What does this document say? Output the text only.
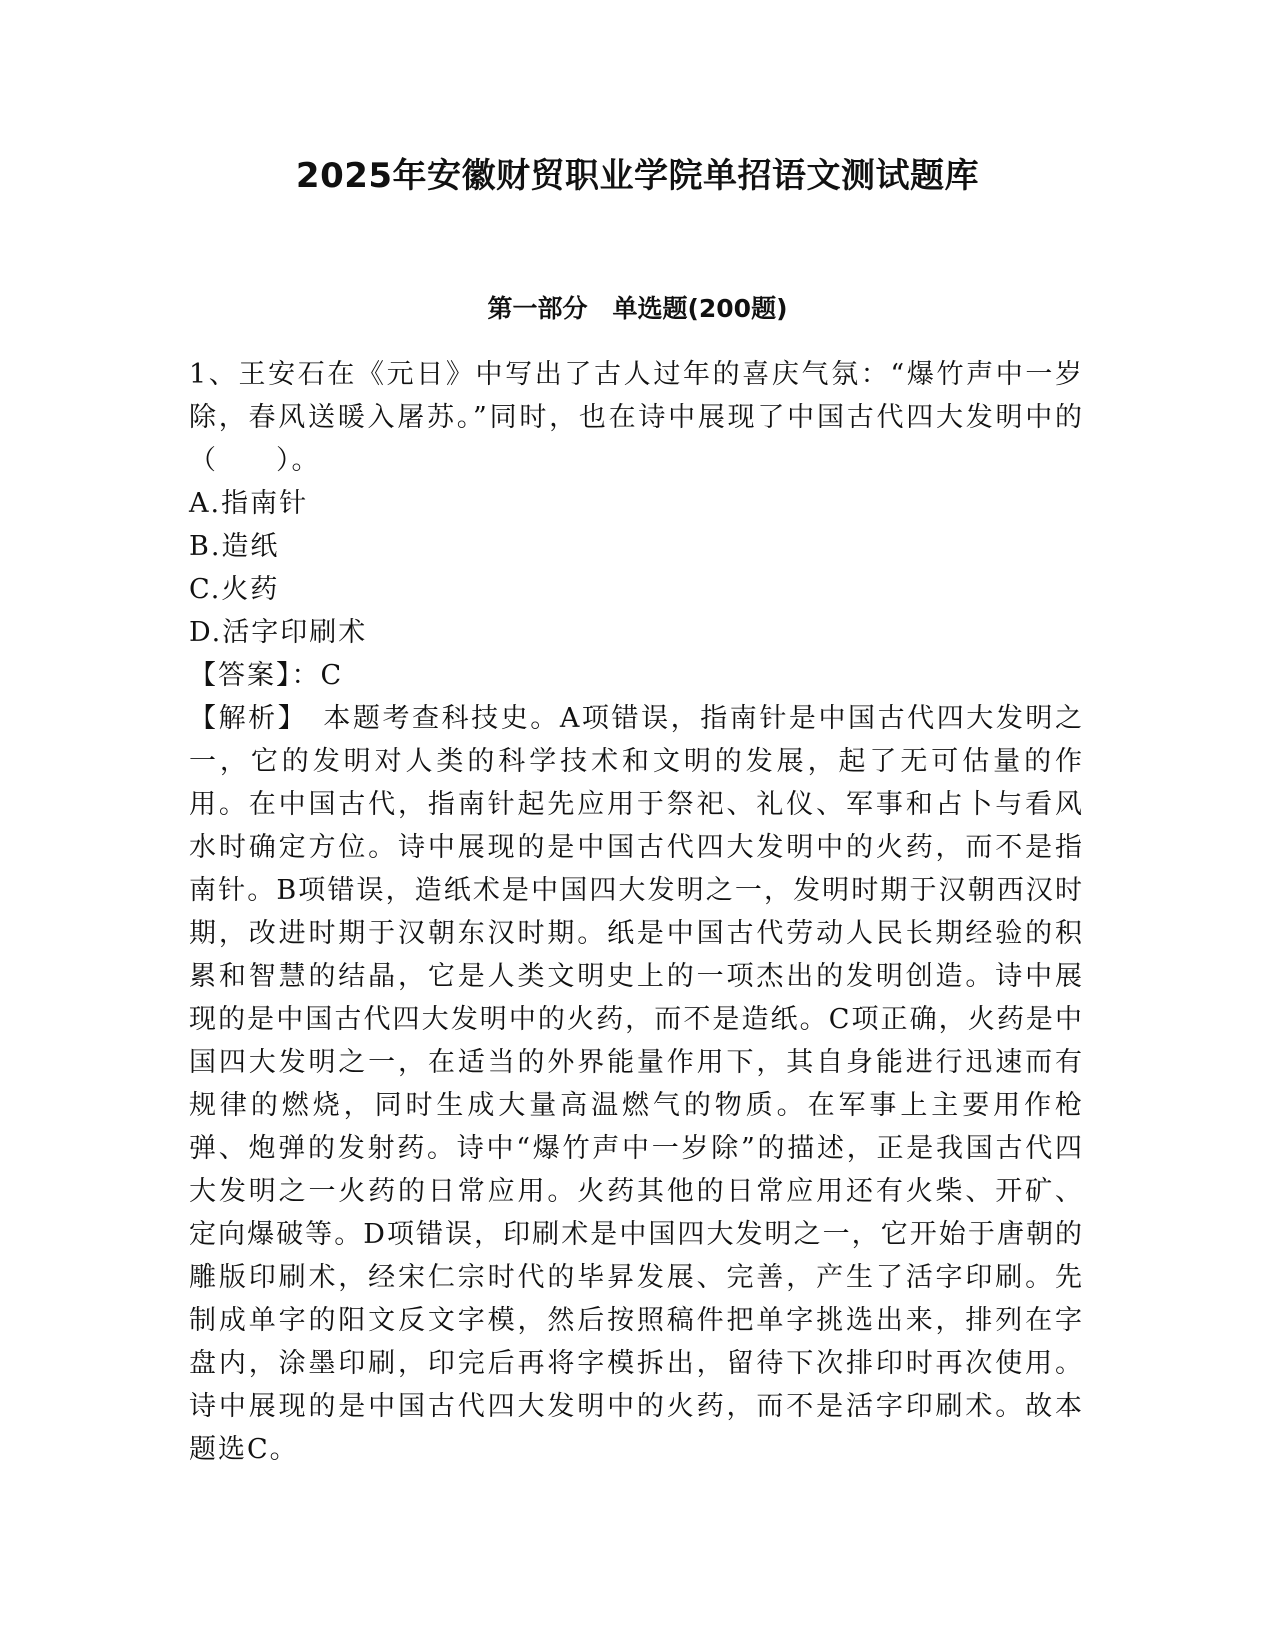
2025年安徽财贸职业学院单招语文测试题库
第一部分　单选题(200题)

1、王安石在《元日》中写出了古人过年的喜庆气氛：“爆竹声中一岁除，春风送暖入屠苏。”同时，也在诗中展现了中国古代四大发明中的（　　）。

A.指南针

B.造纸

C.火药

D.活字印刷术

【答案】：C

【解析】　本题考查科技史。A项错误，指南针是中国古代四大发明之一，它的发明对人类的科学技术和文明的发展，起了无可估量的作用。在中国古代，指南针起先应用于祭祀、礼仪、军事和占卜与看风水时确定方位。诗中展现的是中国古代四大发明中的火药，而不是指南针。B项错误，造纸术是中国四大发明之一，发明时期于汉朝西汉时期，改进时期于汉朝东汉时期。纸是中国古代劳动人民长期经验的积累和智慧的结晶，它是人类文明史上的一项杰出的发明创造。诗中展现的是中国古代四大发明中的火药，而不是造纸。C项正确，火药是中国四大发明之一，在适当的外界能量作用下，其自身能进行迅速而有规律的燃烧，同时生成大量高温燃气的物质。在军事上主要用作枪弹、炮弹的发射药。诗中“爆竹声中一岁除”的描述，正是我国古代四大发明之一火药的日常应用。火药其他的日常应用还有火柴、开矿、定向爆破等。D项错误，印刷术是中国四大发明之一，它开始于唐朝的雕版印刷术，经宋仁宗时代的毕昇发展、完善，产生了活字印刷。先制成单字的阳文反文字模，然后按照稿件把单字挑选出来，排列在字盘内，涂墨印刷，印完后再将字模拆出，留待下次排印时再次使用。诗中展现的是中国古代四大发明中的火药，而不是活字印刷术。故本题选C。
